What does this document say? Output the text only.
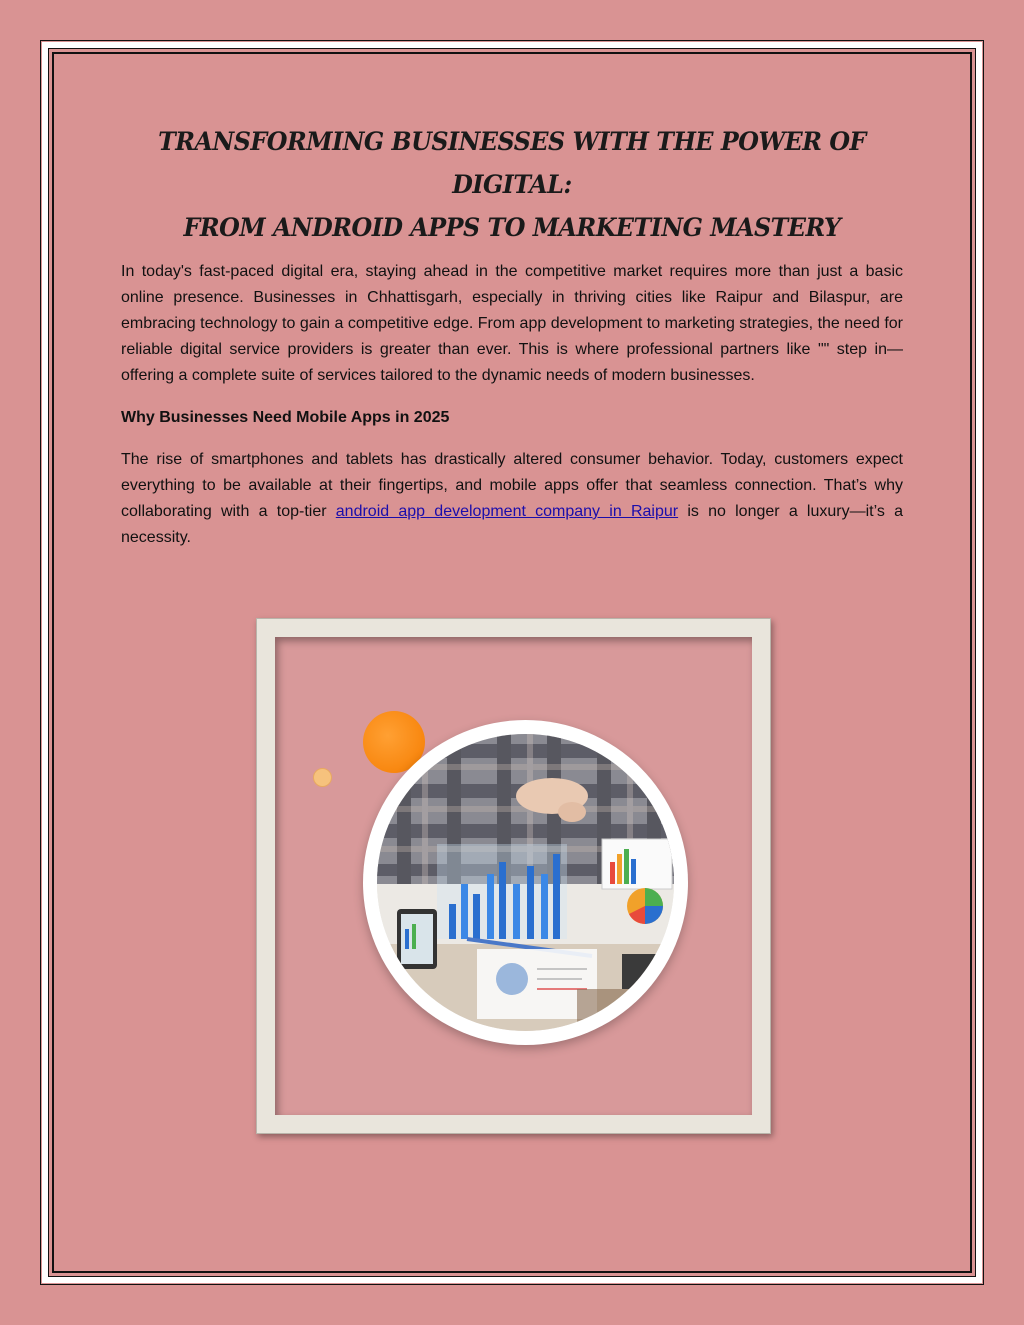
TRANSFORMING BUSINESSES WITH THE POWER OF DIGITAL:
FROM ANDROID APPS TO MARKETING MASTERY

In today's fast-paced digital era, staying ahead in the competitive market requires more than just a basic online presence. Businesses in Chhattisgarh, especially in thriving cities like Raipur and Bilaspur, are embracing technology to gain a competitive edge. From app development to marketing strategies, the need for reliable digital service providers is greater than ever. This is where professional partners like "" step in—offering a complete suite of services tailored to the dynamic needs of modern businesses.

Why Businesses Need Mobile Apps in 2025

The rise of smartphones and tablets has drastically altered consumer behavior. Today, customers expect everything to be available at their fingertips, and mobile apps offer that seamless connection. That’s why collaborating with a top-tier android app development company in Raipur is no longer a luxury—it’s a necessity.
